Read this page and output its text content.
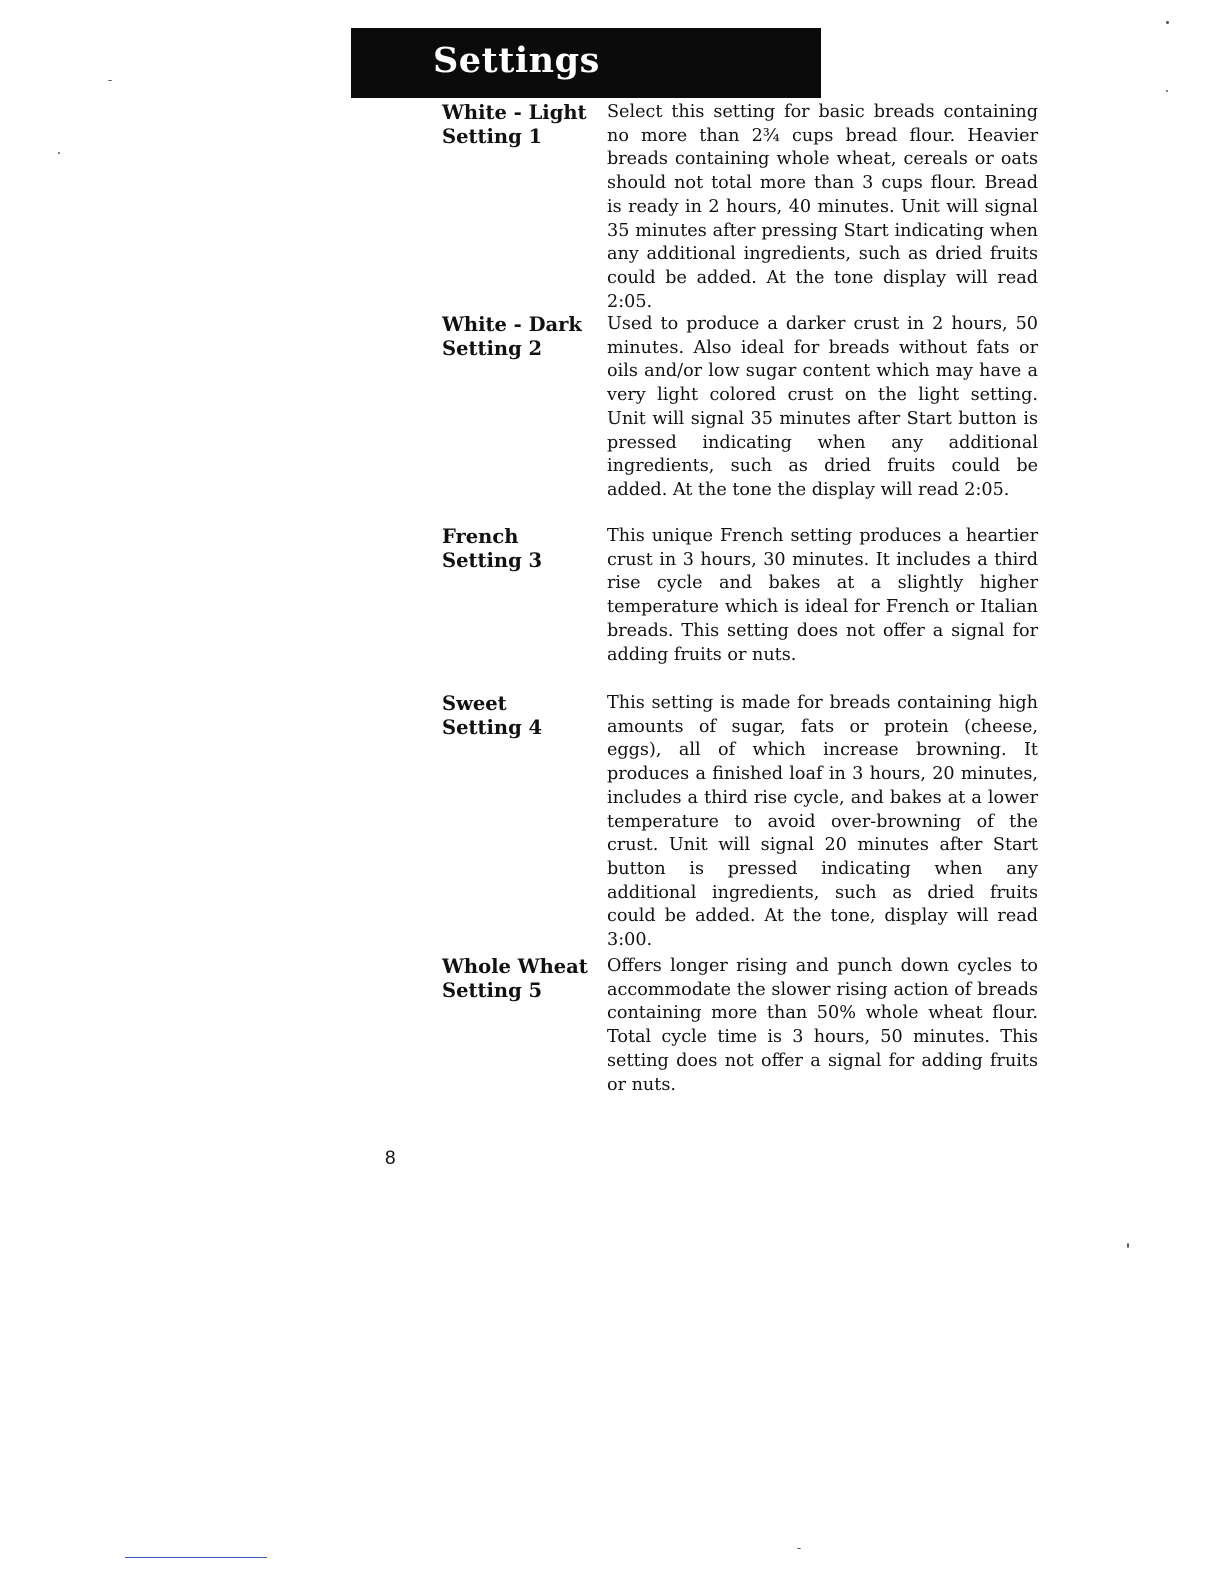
Settings
White - Light
Setting 1

Select this setting for basic breads containing no more than 2¾ cups bread flour. Heavier breads containing whole wheat, cereals or oats should not total more than 3 cups flour. Bread is ready in 2 hours, 40 minutes. Unit will signal 35 minutes after pressing Start indicating when any additional ingredients, such as dried fruits could be added. At the tone display will read 2:05.

White - Dark
Setting 2

Used to produce a darker crust in 2 hours, 50 minutes. Also ideal for breads without fats or oils and/or low sugar content which may have a very light colored crust on the light setting. Unit will signal 35 minutes after Start button is pressed indicating when any additional ingredients, such as dried fruits could be added. At the tone the display will read 2:05.

French
Setting 3

This unique French setting produces a heartier crust in 3 hours, 30 minutes. It includes a third rise cycle and bakes at a slightly higher temperature which is ideal for French or Italian breads. This setting does not offer a signal for adding fruits or nuts.

Sweet
Setting 4

This setting is made for breads containing high amounts of sugar, fats or protein (cheese, eggs), all of which increase browning. It produces a finished loaf in 3 hours, 20 minutes, includes a third rise cycle, and bakes at a lower temperature to avoid over-browning of the crust. Unit will signal 20 minutes after Start button is pressed indicating when any additional ingredients, such as dried fruits could be added. At the tone, display will read 3:00.

Whole Wheat
Setting 5

Offers longer rising and punch down cycles to accommodate the slower rising action of breads containing more than 50% whole wheat flour. Total cycle time is 3 hours, 50 minutes. This setting does not offer a signal for adding fruits or nuts.

8
